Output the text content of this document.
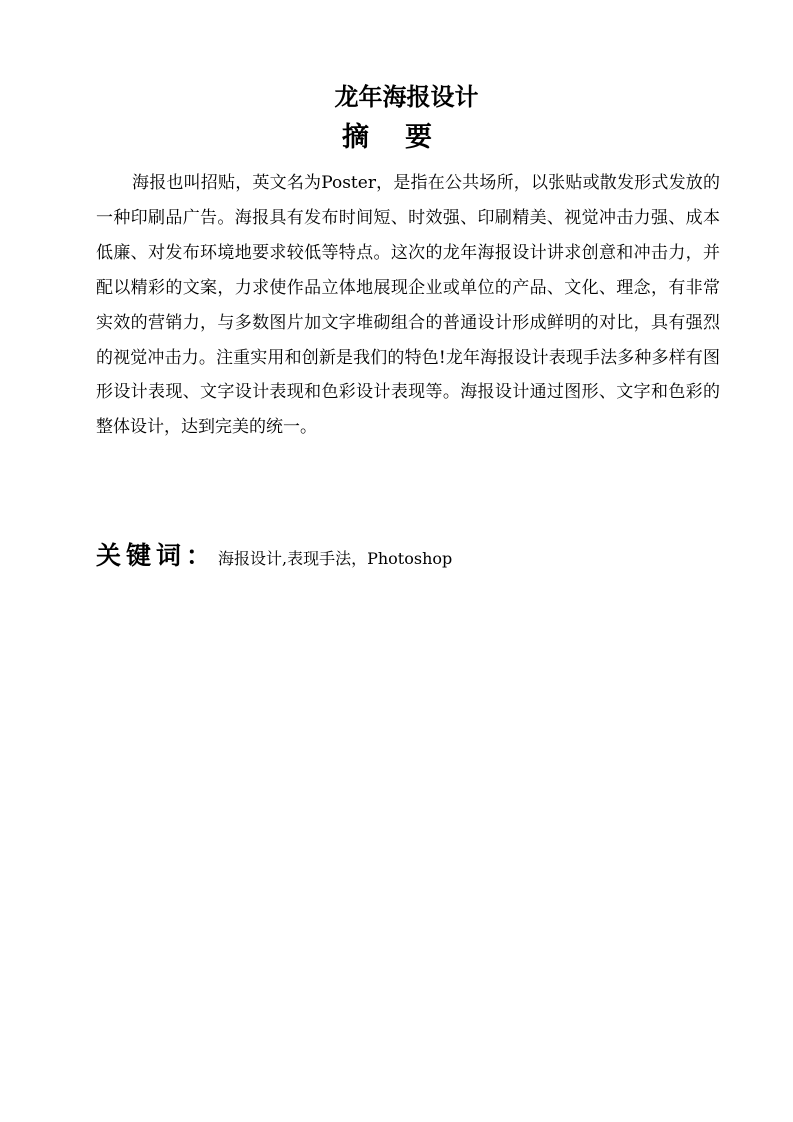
龙年海报设计
摘要

海报也叫招贴，英文名为Poster，是指在公共场所，以张贴或散发形式发放的一种印刷品广告。海报具有发布时间短、时效强、印刷精美、视觉冲击力强、成本低廉、对发布环境地要求较低等特点。这次的龙年海报设计讲求创意和冲击力，并配以精彩的文案，力求使作品立体地展现企业或单位的产品、文化、理念，有非常实效的营销力，与多数图片加文字堆砌组合的普通设计形成鲜明的对比，具有强烈的视觉冲击力。注重实用和创新是我们的特色!龙年海报设计表现手法多种多样有图形设计表现、文字设计表现和色彩设计表现等。海报设计通过图形、文字和色彩的整体设计，达到完美的统一。

关键词： 海报设计,表现手法，Photoshop
